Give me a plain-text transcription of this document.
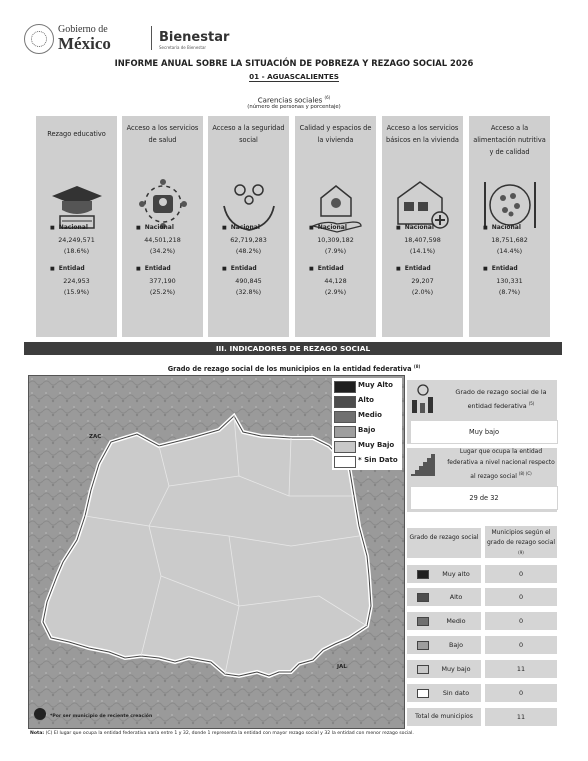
Gobierno de
México	Bienestar
Secretaría de Bienestar
INFORME ANUAL SOBRE LA SITUACIÓN DE POBREZA Y REZAGO SOCIAL 2026
01 - AGUASCALIENTES
Carencias sociales $^{(6)}$
(número de personas y porcentaje)
Rezago educativo
■ Nacional
24,249,571
(18.6%)
■ Entidad
224,953
(15.9%)
Acceso a los servicios de salud
■ Nacional
44,501,218
(34.2%)
■ Entidad
377,190
(25.2%)
Acceso a la seguridad social
■ Nacional
62,719,283
(48.2%)
■ Entidad
490,845
(32.8%)
Calidad y espacios de la vivienda
■ Nacional
10,309,182
(7.9%)
■ Entidad
44,128
(2.9%)
Acceso a los servicios básicos en la vivienda
■ Nacional
18,407,598
(14.1%)
■ Entidad
29,207
(2.0%)
Acceso a la alimentación nutritiva y de calidad
■ Nacional
18,751,682
(14.4%)
■ Entidad
130,331
(8.7%)
III. INDICADORES DE REZAGO SOCIAL
Grado de rezago social de los municipios en la entidad federativa $^{(8)}$
ZAC
JAL
Muy Alto
Alto
Medio
Bajo
Muy Bajo
* Sin Dato
*Por ser municipio de reciente creación
Grado de rezago social de la entidad federativa $^{(5)}$
Muy bajo
Lugar que ocupa la entidad federativa a nivel nacional respecto al rezago social $^{(8) (C)}$
29 de 32
Grado de rezago social
Municipios según el grado de rezago social $^{(9)}$
Muy alto	0
Alto	0
Medio	0
Bajo	0
Muy bajo	11
Sin dato	0
Total de municipios	11
Nota: (C) El lugar que ocupa la entidad federativa varía entre 1 y 32, donde 1 representa la entidad con mayor rezago social y 32 la entidad con menor rezago social.
